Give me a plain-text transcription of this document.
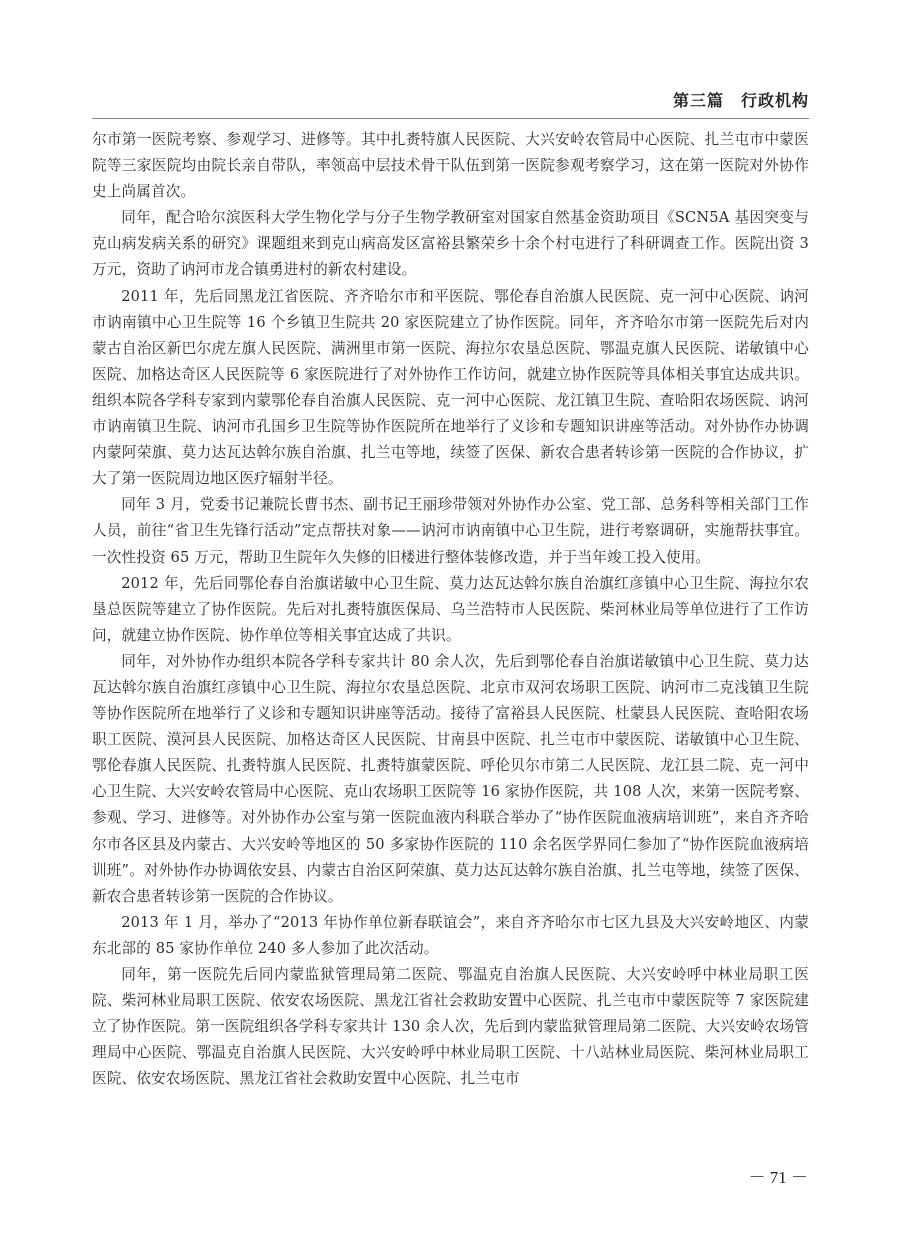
第三篇　行政机构

尔市第一医院考察、参观学习、进修等。其中扎赉特旗人民医院、大兴安岭农管局中心医院、扎兰屯市中蒙医院等三家医院均由院长亲自带队，率领高中层技术骨干队伍到第一医院参观考察学习，这在第一医院对外协作史上尚属首次。

同年，配合哈尔滨医科大学生物化学与分子生物学教研室对国家自然基金资助项目《SCN5A 基因突变与克山病发病关系的研究》课题组来到克山病高发区富裕县繁荣乡十余个村屯进行了科研调查工作。医院出资 3 万元，资助了讷河市龙合镇勇进村的新农村建设。

2011 年，先后同黑龙江省医院、齐齐哈尔市和平医院、鄂伦春自治旗人民医院、克一河中心医院、讷河市讷南镇中心卫生院等 16 个乡镇卫生院共 20 家医院建立了协作医院。同年，齐齐哈尔市第一医院先后对内蒙古自治区新巴尔虎左旗人民医院、满洲里市第一医院、海拉尔农垦总医院、鄂温克旗人民医院、诺敏镇中心医院、加格达奇区人民医院等 6 家医院进行了对外协作工作访问，就建立协作医院等具体相关事宜达成共识。组织本院各学科专家到内蒙鄂伦春自治旗人民医院、克一河中心医院、龙江镇卫生院、查哈阳农场医院、讷河市讷南镇卫生院、讷河市孔国乡卫生院等协作医院所在地举行了义诊和专题知识讲座等活动。对外协作办协调内蒙阿荣旗、莫力达瓦达斡尔族自治旗、扎兰屯等地，续签了医保、新农合患者转诊第一医院的合作协议，扩大了第一医院周边地区医疗辐射半径。

同年 3 月，党委书记兼院长曹书杰、副书记王丽珍带领对外协作办公室、党工部、总务科等相关部门工作人员，前往“省卫生先锋行活动”定点帮扶对象——讷河市讷南镇中心卫生院，进行考察调研，实施帮扶事宜。一次性投资 65 万元，帮助卫生院年久失修的旧楼进行整体装修改造，并于当年竣工投入使用。

2012 年，先后同鄂伦春自治旗诺敏中心卫生院、莫力达瓦达斡尔族自治旗红彦镇中心卫生院、海拉尔农垦总医院等建立了协作医院。先后对扎赉特旗医保局、乌兰浩特市人民医院、柴河林业局等单位进行了工作访问，就建立协作医院、协作单位等相关事宜达成了共识。

同年，对外协作办组织本院各学科专家共计 80 余人次，先后到鄂伦春自治旗诺敏镇中心卫生院、莫力达瓦达斡尔族自治旗红彦镇中心卫生院、海拉尔农垦总医院、北京市双河农场职工医院、讷河市二克浅镇卫生院等协作医院所在地举行了义诊和专题知识讲座等活动。接待了富裕县人民医院、杜蒙县人民医院、查哈阳农场职工医院、漠河县人民医院、加格达奇区人民医院、甘南县中医院、扎兰屯市中蒙医院、诺敏镇中心卫生院、鄂伦春旗人民医院、扎赉特旗人民医院、扎赉特旗蒙医院、呼伦贝尔市第二人民医院、龙江县二院、克一河中心卫生院、大兴安岭农管局中心医院、克山农场职工医院等 16 家协作医院，共 108 人次，来第一医院考察、参观、学习、进修等。对外协作办公室与第一医院血液内科联合举办了“协作医院血液病培训班”，来自齐齐哈尔市各区县及内蒙古、大兴安岭等地区的 50 多家协作医院的 110 余名医学界同仁参加了“协作医院血液病培训班”。对外协作办协调依安县、内蒙古自治区阿荣旗、莫力达瓦达斡尔族自治旗、扎兰屯等地，续签了医保、新农合患者转诊第一医院的合作协议。

2013 年 1 月，举办了“2013 年协作单位新春联谊会”，来自齐齐哈尔市七区九县及大兴安岭地区、内蒙东北部的 85 家协作单位 240 多人参加了此次活动。

同年，第一医院先后同内蒙监狱管理局第二医院、鄂温克自治旗人民医院、大兴安岭呼中林业局职工医院、柴河林业局职工医院、依安农场医院、黑龙江省社会救助安置中心医院、扎兰屯市中蒙医院等 7 家医院建立了协作医院。第一医院组织各学科专家共计 130 余人次，先后到内蒙监狱管理局第二医院、大兴安岭农场管理局中心医院、鄂温克自治旗人民医院、大兴安岭呼中林业局职工医院、十八站林业局医院、柴河林业局职工医院、依安农场医院、黑龙江省社会救助安置中心医院、扎兰屯市

－ 71 －
